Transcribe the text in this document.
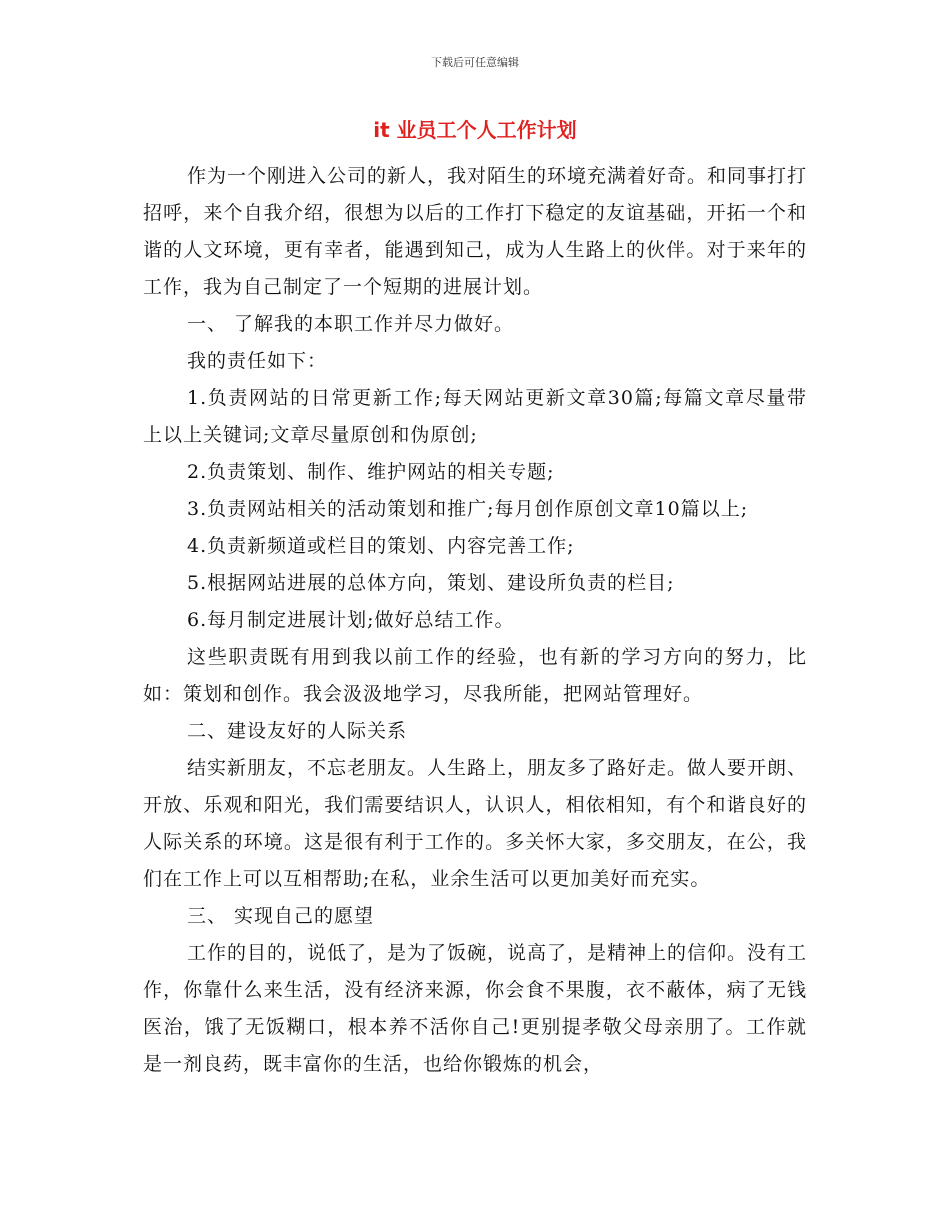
下载后可任意编辑
it 业员工个人工作计划

作为一个刚进入公司的新人，我对陌生的环境充满着好奇。和同事打打招呼，来个自我介绍，很想为以后的工作打下稳定的友谊基础，开拓一个和谐的人文环境，更有幸者，能遇到知己，成为人生路上的伙伴。对于来年的工作，我为自己制定了一个短期的进展计划。

一、 了解我的本职工作并尽力做好。

我的责任如下：

1.负责网站的日常更新工作;每天网站更新文章30篇;每篇文章尽量带上以上关键词;文章尽量原创和伪原创;

2.负责策划、制作、维护网站的相关专题;

3.负责网站相关的活动策划和推广;每月创作原创文章10篇以上;

4.负责新频道或栏目的策划、内容完善工作;

5.根据网站进展的总体方向，策划、建设所负责的栏目;

6.每月制定进展计划;做好总结工作。

这些职责既有用到我以前工作的经验，也有新的学习方向的努力，比如：策划和创作。我会汲汲地学习，尽我所能，把网站管理好。

二、建设友好的人际关系

结实新朋友，不忘老朋友。人生路上，朋友多了路好走。做人要开朗、开放、乐观和阳光，我们需要结识人，认识人，相依相知，有个和谐良好的人际关系的环境。这是很有利于工作的。多关怀大家，多交朋友，在公，我们在工作上可以互相帮助;在私，业余生活可以更加美好而充实。

三、 实现自己的愿望

工作的目的，说低了，是为了饭碗，说高了，是精神上的信仰。没有工作，你靠什么来生活，没有经济来源，你会食不果腹，衣不蔽体，病了无钱医治，饿了无饭糊口，根本养不活你自己!更别提孝敬父母亲朋了。工作就是一剂良药，既丰富你的生活，也给你锻炼的机会，
